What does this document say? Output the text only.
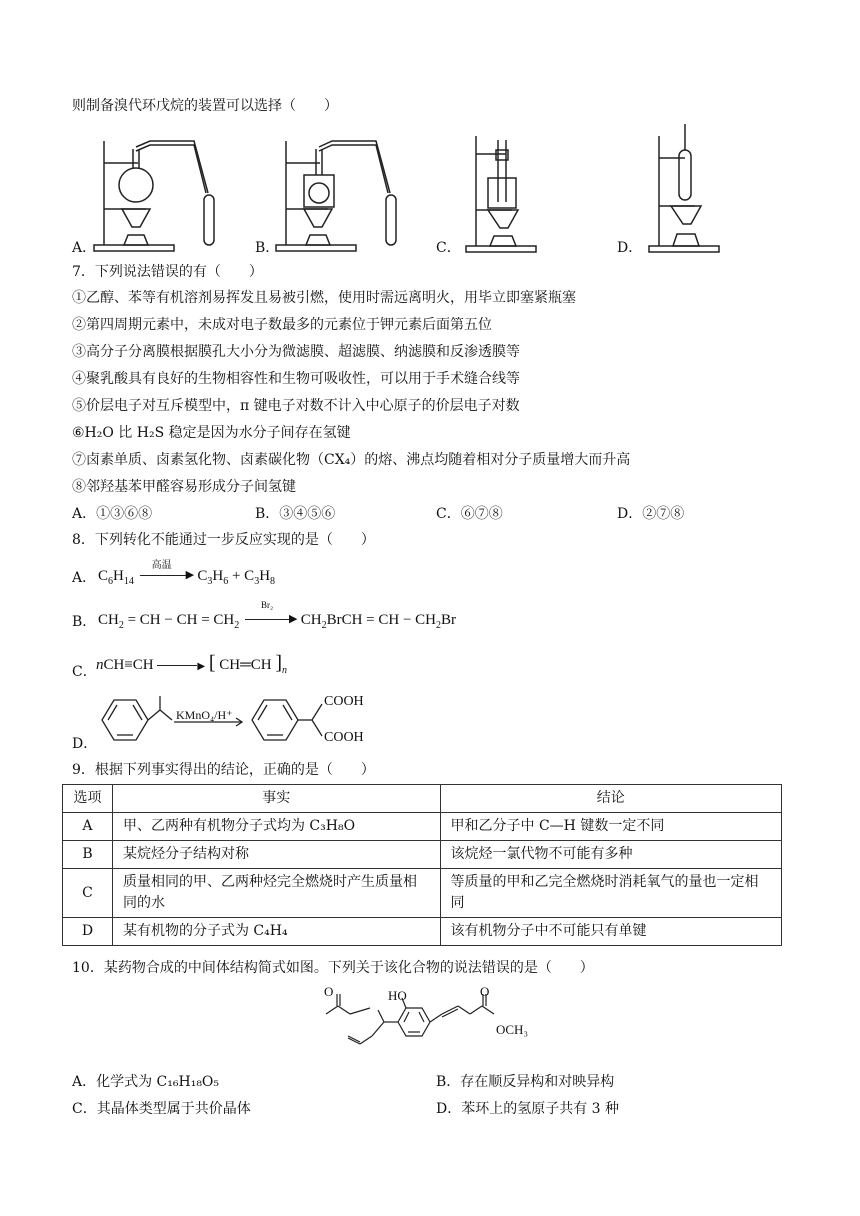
则制备溴代环戊烷的装置可以选择（　　）
A．	B．	C．	D．
7．下列说法错误的有（　　）
①乙醇、苯等有机溶剂易挥发且易被引燃，使用时需远离明火，用毕立即塞紧瓶塞
②第四周期元素中，未成对电子数最多的元素位于钾元素后面第五位
③高分子分离膜根据膜孔大小分为微滤膜、超滤膜、纳滤膜和反渗透膜等
④聚乳酸具有良好的生物相容性和生物可吸收性，可以用于手术缝合线等
⑤价层电子对互斥模型中，π 键电子对数不计入中心原子的价层电子对数
⑥H₂O 比 H₂S 稳定是因为水分子间存在氢键
⑦卤素单质、卤素氢化物、卤素碳化物（CX₄）的熔、沸点均随着相对分子质量增大而升高
⑧邻羟基苯甲醛容易形成分子间氢键
A．①③⑥⑧	B．③④⑤⑥	C．⑥⑦⑧	D．②⑦⑧
8．下列转化不能通过一步反应实现的是（　　）
A． $C_6H_{14}$
高温
▶ $C_3H_6 + C_3H_8$
B． $CH_2$ = CH − CH = $CH_2$
Br₂
▶ $CH_2BrCH$ = CH − $CH_2Br$
C． nCH≡CH	▶ [ CH═CH ]$_n$
D．
KMnO₄/H⁺
COOH
COOH
9．根据下列事实得出的结论，正确的是（　　）
选项	事实	结论
A	甲、乙两种有机物分子式均为 C₃H₈O	甲和乙分子中 C—H 键数一定不同
B	某烷烃分子结构对称	该烷烃一氯代物不可能有多种
C	质量相同的甲、乙两种烃完全燃烧时产生质量相同的水	等质量的甲和乙完全燃烧时消耗氧气的量也一定相同
D	某有机物的分子式为 C₄H₄	该有机物分子中不可能只有单键
10．某药物合成的中间体结构简式如图。下列关于该化合物的说法错误的是（　　）
O	HO	O
OCH₃
A．化学式为 C₁₆H₁₈O₅	B．存在顺反异构和对映异构
C．其晶体类型属于共价晶体	D．苯环上的氢原子共有 3 种
